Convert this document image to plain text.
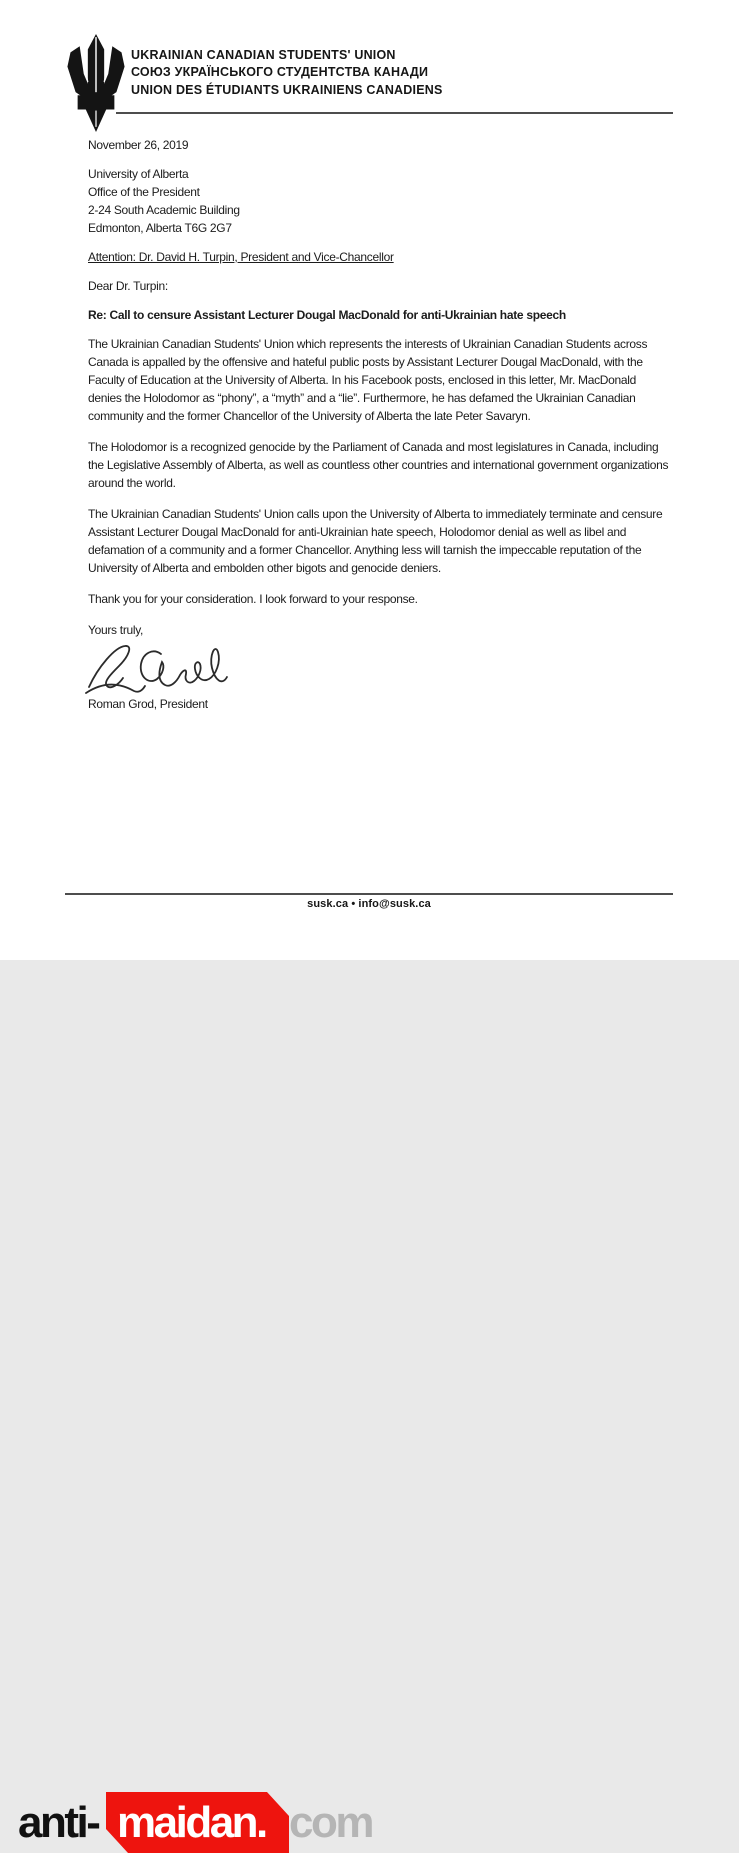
UKRAINIAN CANADIAN STUDENTS' UNION
СОЮЗ УКРАЇНСЬКОГО СТУДЕНТСТВА КАНАДИ
UNION DES ÉTUDIANTS UKRAINIENS CANADIENS

November 26, 2019

University of Alberta

Office of the President

2-24 South Academic Building

Edmonton, Alberta T6G 2G7

Attention: Dr. David H. Turpin, President and Vice-Chancellor

Dear Dr. Turpin:

Re: Call to censure Assistant Lecturer Dougal MacDonald for anti-Ukrainian hate speech

The Ukrainian Canadian Students' Union which represents the interests of Ukrainian Canadian Students across Canada is appalled by the offensive and hateful public posts by Assistant Lecturer Dougal MacDonald, with the Faculty of Education at the University of Alberta. In his Facebook posts, enclosed in this letter, Mr. MacDonald denies the Holodomor as “phony”, a “myth” and a “lie”. Furthermore, he has defamed the Ukrainian Canadian community and the former Chancellor of the University of Alberta the late Peter Savaryn.

The Holodomor is a recognized genocide by the Parliament of Canada and most legislatures in Canada, including the Legislative Assembly of Alberta, as well as countless other countries and international government organizations around the world.

The Ukrainian Canadian Students' Union calls upon the University of Alberta to immediately terminate and censure Assistant Lecturer Dougal MacDonald for anti-Ukrainian hate speech, Holodomor denial as well as libel and defamation of a community and a former Chancellor. Anything less will tarnish the impeccable reputation of the University of Alberta and embolden other bigots and genocide deniers.

Thank you for your consideration. I look forward to your response.

Yours truly,

Roman Grod, President

susk.ca • info@susk.ca
anti- maidan. com
